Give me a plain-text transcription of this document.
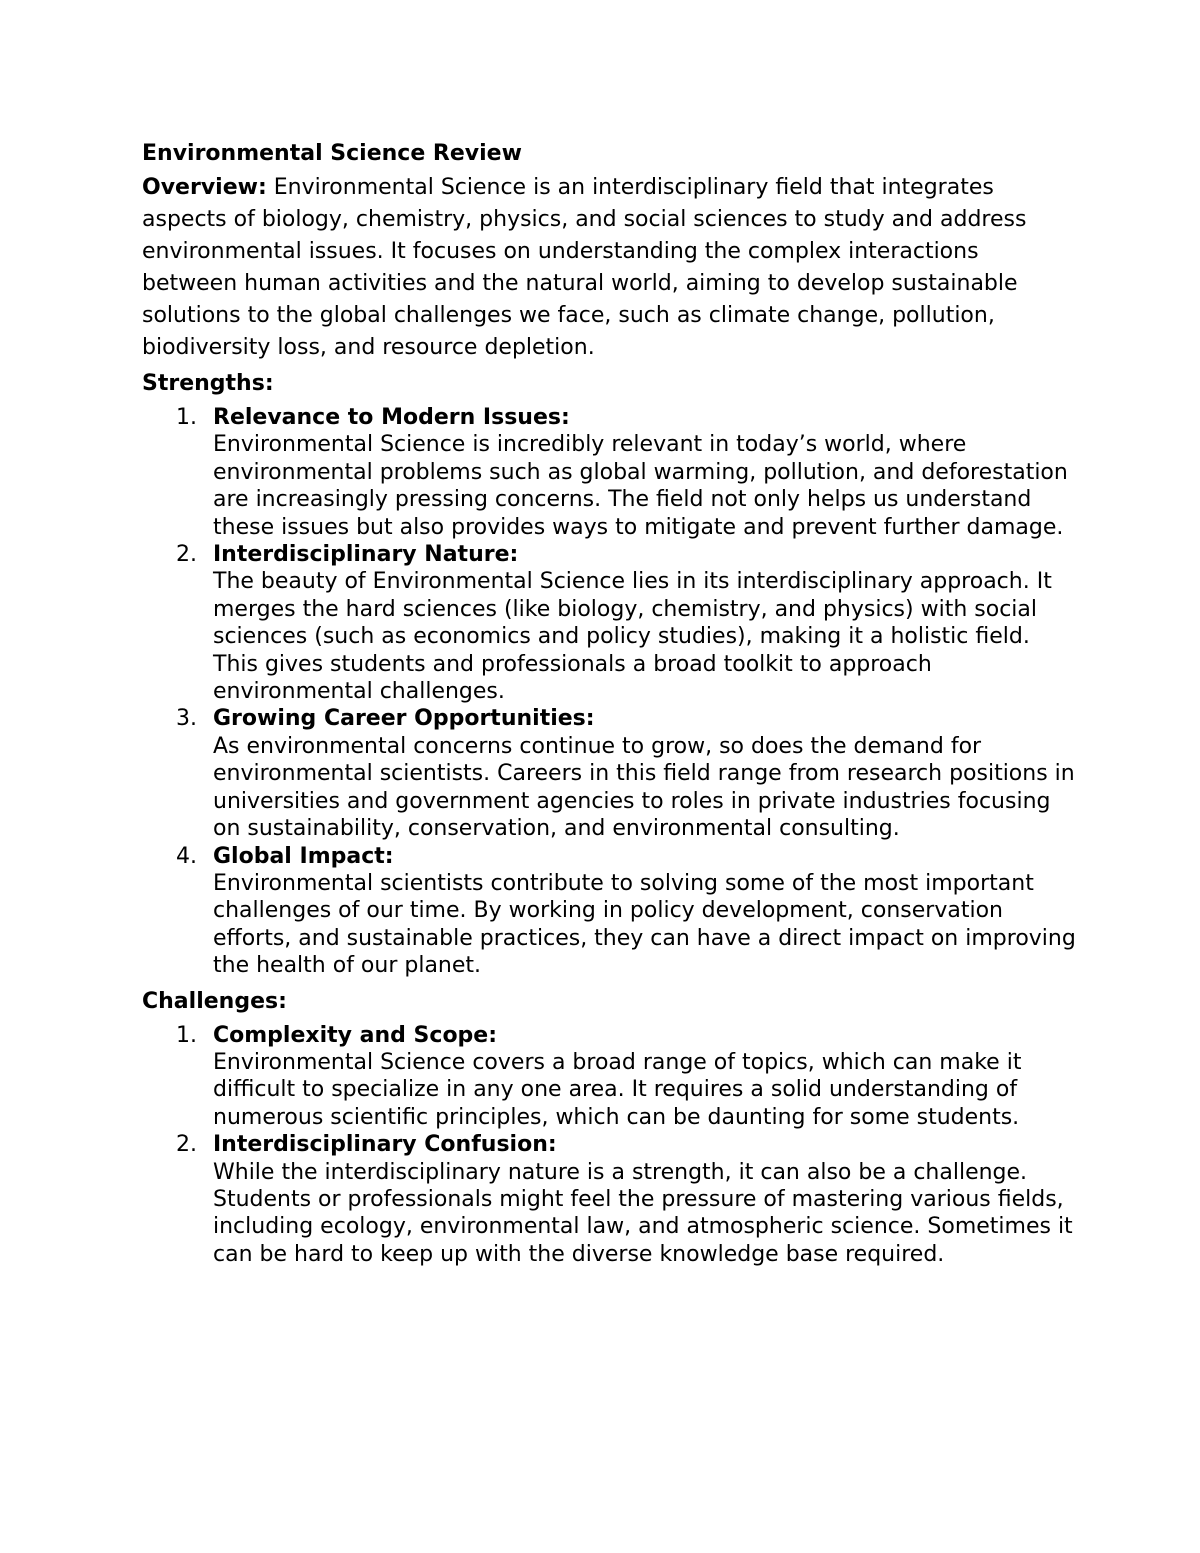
Environmental Science Review

Overview: Environmental Science is an interdisciplinary field that integrates aspects of biology, chemistry, physics, and social sciences to study and address environmental issues. It focuses on understanding the complex interactions between human activities and the natural world, aiming to develop sustainable solutions to the global challenges we face, such as climate change, pollution, biodiversity loss, and resource depletion.

Strengths:
1. Relevance to Modern Issues:
Environmental Science is incredibly relevant in today’s world, where environmental problems such as global warming, pollution, and deforestation are increasingly pressing concerns. The field not only helps us understand these issues but also provides ways to mitigate and prevent further damage.
2. Interdisciplinary Nature:
The beauty of Environmental Science lies in its interdisciplinary approach. It merges the hard sciences (like biology, chemistry, and physics) with social sciences (such as economics and policy studies), making it a holistic field. This gives students and professionals a broad toolkit to approach environmental challenges.
3. Growing Career Opportunities:
As environmental concerns continue to grow, so does the demand for environmental scientists. Careers in this field range from research positions in universities and government agencies to roles in private industries focusing on sustainability, conservation, and environmental consulting.
4. Global Impact:
Environmental scientists contribute to solving some of the most important challenges of our time. By working in policy development, conservation efforts, and sustainable practices, they can have a direct impact on improving the health of our planet.
Challenges:
1. Complexity and Scope:
Environmental Science covers a broad range of topics, which can make it difficult to specialize in any one area. It requires a solid understanding of numerous scientific principles, which can be daunting for some students.
2. Interdisciplinary Confusion:
While the interdisciplinary nature is a strength, it can also be a challenge. Students or professionals might feel the pressure of mastering various fields, including ecology, environmental law, and atmospheric science. Sometimes it can be hard to keep up with the diverse knowledge base required.
